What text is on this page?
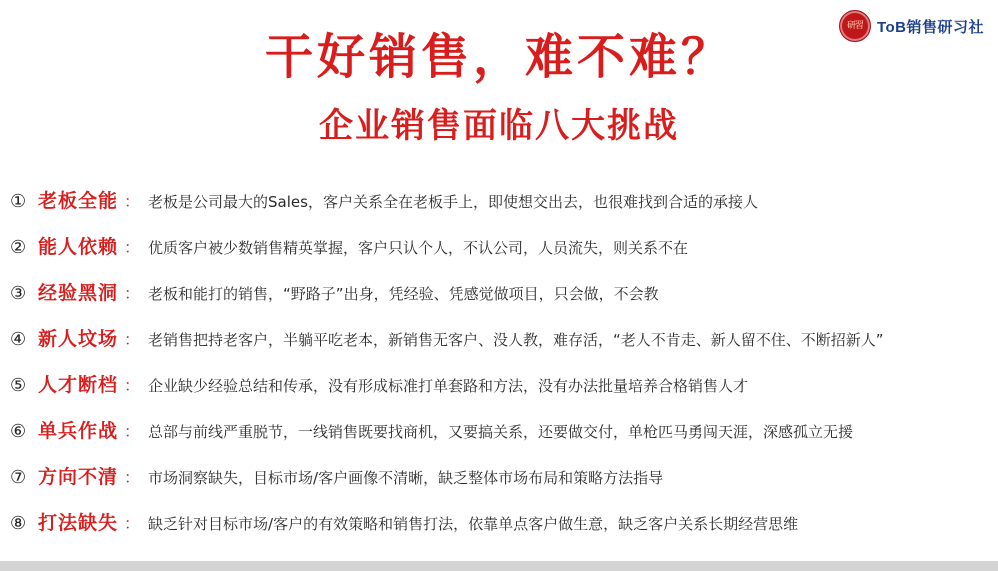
研習 ToB销售研习社
干好销售，难不难？
企业销售面临八大挑战
① 老板全能 ： 老板是公司最大的Sales，客户关系全在老板手上，即使想交出去，也很难找到合适的承接人
② 能人依赖 ： 优质客户被少数销售精英掌握，客户只认个人，不认公司，人员流失，则关系不在
③ 经验黑洞 ： 老板和能打的销售，“野路子”出身，凭经验、凭感觉做项目，只会做，不会教
④ 新人坟场 ： 老销售把持老客户，半躺平吃老本，新销售无客户、没人教，难存活，“老人不肯走、新人留不住、不断招新人”
⑤ 人才断档 ： 企业缺少经验总结和传承，没有形成标准打单套路和方法，没有办法批量培养合格销售人才
⑥ 单兵作战 ： 总部与前线严重脱节，一线销售既要找商机，又要搞关系，还要做交付，单枪匹马勇闯天涯，深感孤立无援
⑦ 方向不清 ： 市场洞察缺失，目标市场/客户画像不清晰，缺乏整体市场布局和策略方法指导
⑧ 打法缺失 ： 缺乏针对目标市场/客户的有效策略和销售打法，依靠单点客户做生意，缺乏客户关系长期经营思维
